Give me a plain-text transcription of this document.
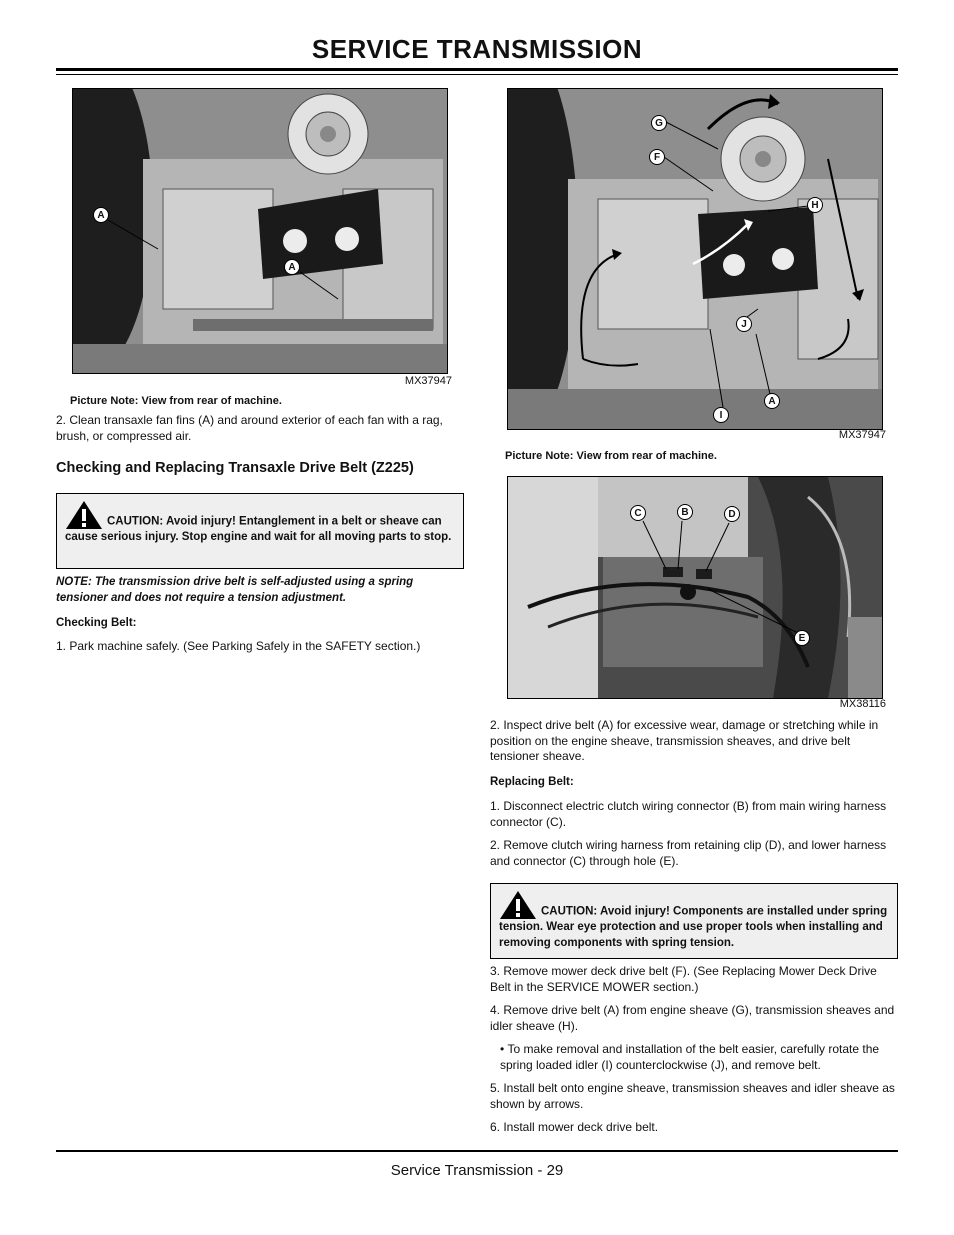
SERVICE TRANSMISSION
A
A
MX37947
Picture Note: View from rear of machine.
2. Clean transaxle fan fins (A) and around exterior of each fan with a rag, brush, or compressed air.
Checking and Replacing Transaxle Drive Belt (Z225)
CAUTION: Avoid injury! Entanglement in a belt or sheave can cause serious injury. Stop engine and wait for all moving parts to stop.
NOTE: The transmission drive belt is self-adjusted using a spring tensioner and does not require a tension adjustment.
Checking Belt:
1. Park machine safely. (See Parking Safely in the SAFETY section.)
G
F
H
J
I
A
MX37947
Picture Note: View from rear of machine.
C	B	D
E
MX38116
2. Inspect drive belt (A) for excessive wear, damage or stretching while in position on the engine sheave, transmission sheaves, and drive belt tensioner sheave.
Replacing Belt:
1. Disconnect electric clutch wiring connector (B) from main wiring harness connector (C).
2. Remove clutch wiring harness from retaining clip (D), and lower harness and connector (C) through hole (E).
CAUTION: Avoid injury! Components are installed under spring tension. Wear eye protection and use proper tools when installing and removing components with spring tension.
3. Remove mower deck drive belt (F). (See Replacing Mower Deck Drive Belt in the SERVICE MOWER section.)
4. Remove drive belt (A) from engine sheave (G), transmission sheaves and idler sheave (H).
• To make removal and installation of the belt easier, carefully rotate the spring loaded idler (I) counterclockwise (J), and remove belt.
5. Install belt onto engine sheave, transmission sheaves and idler sheave as shown by arrows.
6. Install mower deck drive belt.
Service Transmission - 29
